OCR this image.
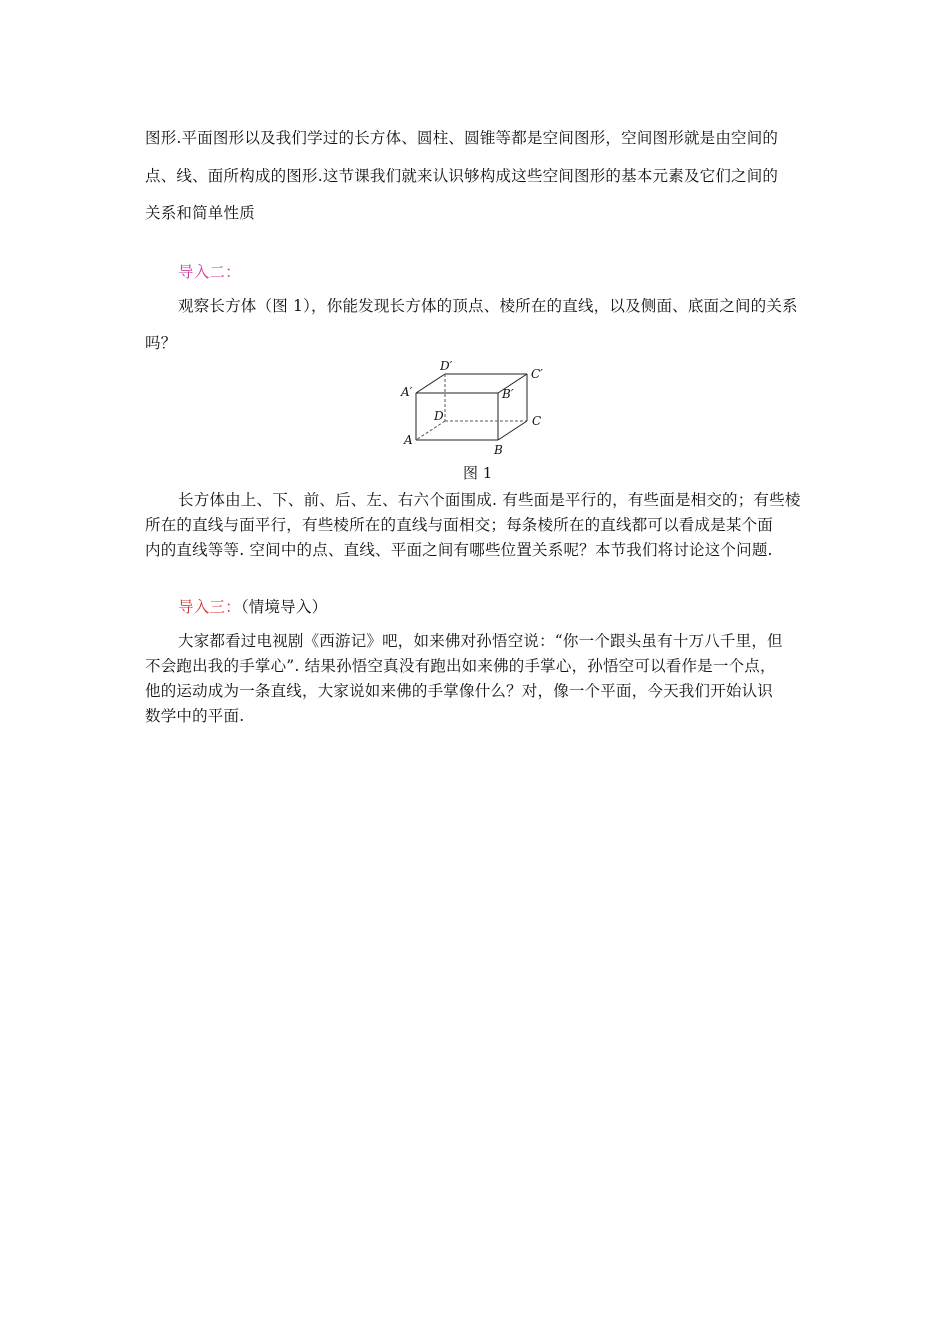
图形.平面图形以及我们学过的长方体、圆柱、圆锥等都是空间图形，空间图形就是由空间的
点、线、面所构成的图形.这节课我们就来认识够构成这些空间图形的基本元素及它们之间的
关系和简单性质
导入二：
观察长方体（图 1），你能发现长方体的顶点、棱所在的直线，以及侧面、底面之间的关系
吗？
D′
C′
A′	B′
D	C
A
B
图 1
长方体由上、下、前、后、左、右六个面围成. 有些面是平行的，有些面是相交的；有些棱
所在的直线与面平行，有些棱所在的直线与面相交；每条棱所在的直线都可以看成是某个面
内的直线等等. 空间中的点、直线、平面之间有哪些位置关系呢？本节我们将讨论这个问题.
导入三：（情境导入）
大家都看过电视剧《西游记》吧，如来佛对孙悟空说：“你一个跟头虽有十万八千里，但
不会跑出我的手掌心”. 结果孙悟空真没有跑出如来佛的手掌心，孙悟空可以看作是一个点，
他的运动成为一条直线，大家说如来佛的手掌像什么？对，像一个平面，今天我们开始认识
数学中的平面.
